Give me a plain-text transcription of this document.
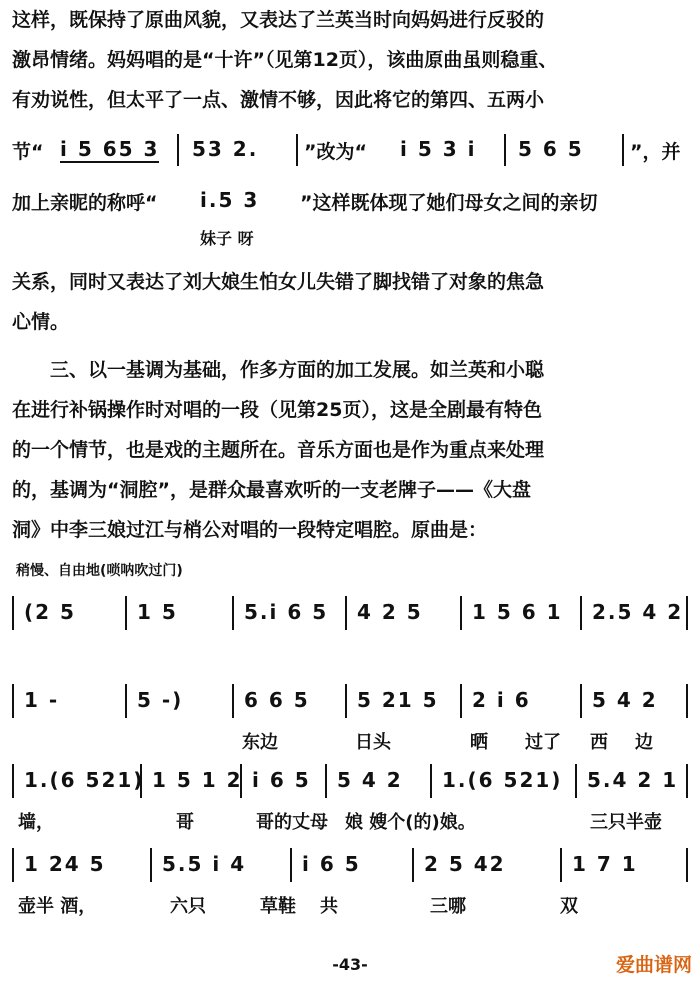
这样，既保持了原曲风貌，又表达了兰英当时向妈妈进行反驳的
激昂情绪。妈妈唱的是“十许”（见第12页），该曲原曲虽则稳重、
有劝说性，但太平了一点、激情不够，因此将它的第四、五两小
节“ i 5 65 3 53 2. ”改为“ i 5 3 i 5 6 5 ”，并
加上亲昵的称呼“ i.5 3 ”这样既体现了她们母女之间的亲切
妹子 呀
关系，同时又表达了刘大娘生怕女儿失错了脚找错了对象的焦急
心情。
三、以一基调为基础，作多方面的加工发展。如兰英和小聪
在进行补锅操作时对唱的一段（见第25页），这是全剧最有特色
的一个情节，也是戏的主题所在。音乐方面也是作为重点来处理
的，基调为“洞腔”，是群众最喜欢听的一支老牌子——《大盘
洞》中李三娘过江与梢公对唱的一段特定唱腔。原曲是：
稍慢、自由地(唢呐吹过门)
(2 5	1 5	5.i 6 5 4 2 5 1 5 6 1 2.5 4 2
1 -	5 -)	6 6 5 5 21 5 2 i 6	5 4 2
东边	日头	晒 过了 西 边
1.(6 521) 1 5 1 2 i 6 5 5 4 2 1.(6 521) 5.4 2 1
墙，	哥	哥的丈母 娘 嫂个(的)娘。	三只半壶
1 24 5	5.5 i 4	i 6 5	2 5 42	1 7 1
壶半 酒，	六只	草鞋 共	三哪	双
-43-	爱曲谱网
